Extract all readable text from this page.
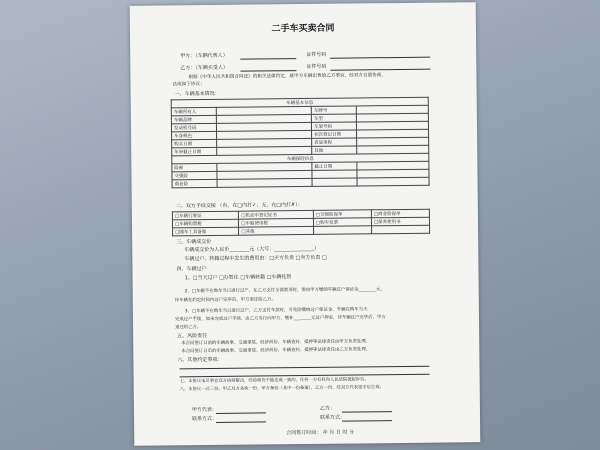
二手车买卖合同
甲方：（车辆代售人）	证件号码
乙方：（车辆买受人）	证件号码
根据《中华人民共和国合同法》的相关法律约定，就甲方车辆出售给乙方事宜，经双方自愿协商，
达成如下协议：
一、车辆基本情况：
车辆基本信息			
车辆所有人		车牌号	
车辆品牌		车型	
发动机号码		车架号码	
车身颜色		初次登记日期	
购买日期		表显里程	
年审截止日期		其他	
车辆保险信息			
险种		截止日期	
交强险			
商业险			
二、双方手续交接 （有，在□内打✓；无，在□内打✗）：
□车辆行驶证	□机动车登记证书	□交强险保单	□商业险保单
□车辆购置税	□车船使用税	□购车发票	□保养使用书
□随车工具备胎	□其他		
三、车辆成交价
车辆成交价为人民币________元（大写：________________）
车辆过户、转籍过程中发生的费用由：□买方负责 □卖方负责 □
四、车辆过户
1、□当天过户 □办暂住 □车辆转籍 □车辆托管
2、□车辆不在购车当日进行过户，在乙方支付全部款项时，需向甲方缴纳车辆过户保证金________元，
待车辆在约定时间内过户完毕后，甲方退还给乙方。
3、□车辆不在购车当日进行过户，乙方支付车款时，可免除缴纳过户保证金，车辆在购车当天
完成过户手续，如未完成过户手续，由乙方另行向甲方、缴补________元过户押金，待车辆过户完毕后，甲方
退还给乙方。
五、风险责任
本合同签订日前的车辆故事、交通事故、经济纠纷、车辆查封、抵押等法律责任由甲方负责处理。
本合同签订日后的车辆故事、交通事故、经济纠纷、车辆查封、抵押等法律责任由乙方负责处理。
六、其他约定事项：
七、本协议未尽事宜双方协商解决，经协商仍不能达成一致的，任何一方有权向人民法院提起诉讼。
八、本协议一式三份，甲乙双方各执一份，甲方备份（其中一份备案），乙方一份，经双方代表签字后生效。
甲方代表：
联系方式：
乙方：
联系方式：
合同签订时间： 年 月 日 时 分
